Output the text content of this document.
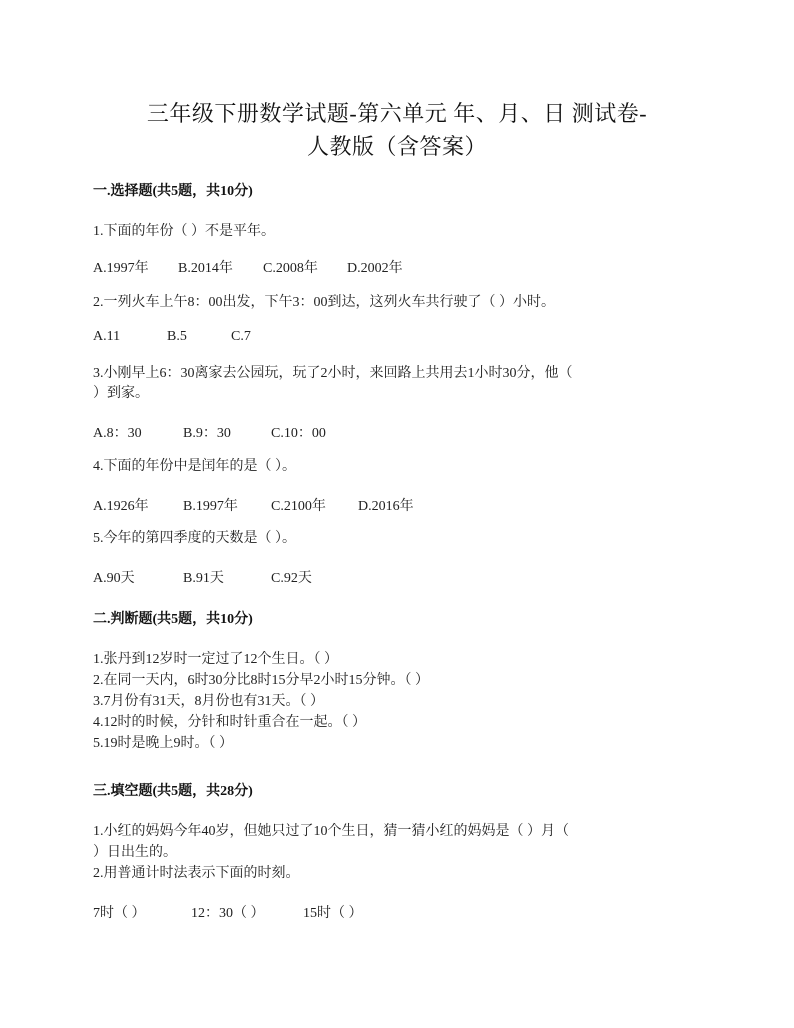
三年级下册数学试题-第六单元 年、月、日 测试卷-
人教版（含答案）
一.选择题(共5题，共10分)
1.下面的年份（ ）不是平年。
A.1997年	B.2014年	C.2008年	D.2002年
2.一列火车上午8：00出发，下午3：00到达，这列火车共行驶了（ ）小时。
A.11	B.5	C.7
3.小刚早上6：30离家去公园玩，玩了2小时，来回路上共用去1小时30分，他（
）到家。
A.8：30	B.9：30	C.10：00
4.下面的年份中是闰年的是（ ）。
A.1926年	B.1997年	C.2100年	D.2016年
5.今年的第四季度的天数是（ ）。
A.90天	B.91天	C.92天
二.判断题(共5题，共10分)
1.张丹到12岁时一定过了12个生日。（ ）
2.在同一天内，6时30分比8时15分早2小时15分钟。（ ）
3.7月份有31天，8月份也有31天。（ ）
4.12时的时候，分针和时针重合在一起。（ ）
5.19时是晚上9时。（ ）
三.填空题(共5题，共28分)
1.小红的妈妈今年40岁，但她只过了10个生日，猜一猜小红的妈妈是（ ）月（
）日出生的。
2.用普通计时法表示下面的时刻。
7时（ ）	12：30（ ）	15时（ ）
